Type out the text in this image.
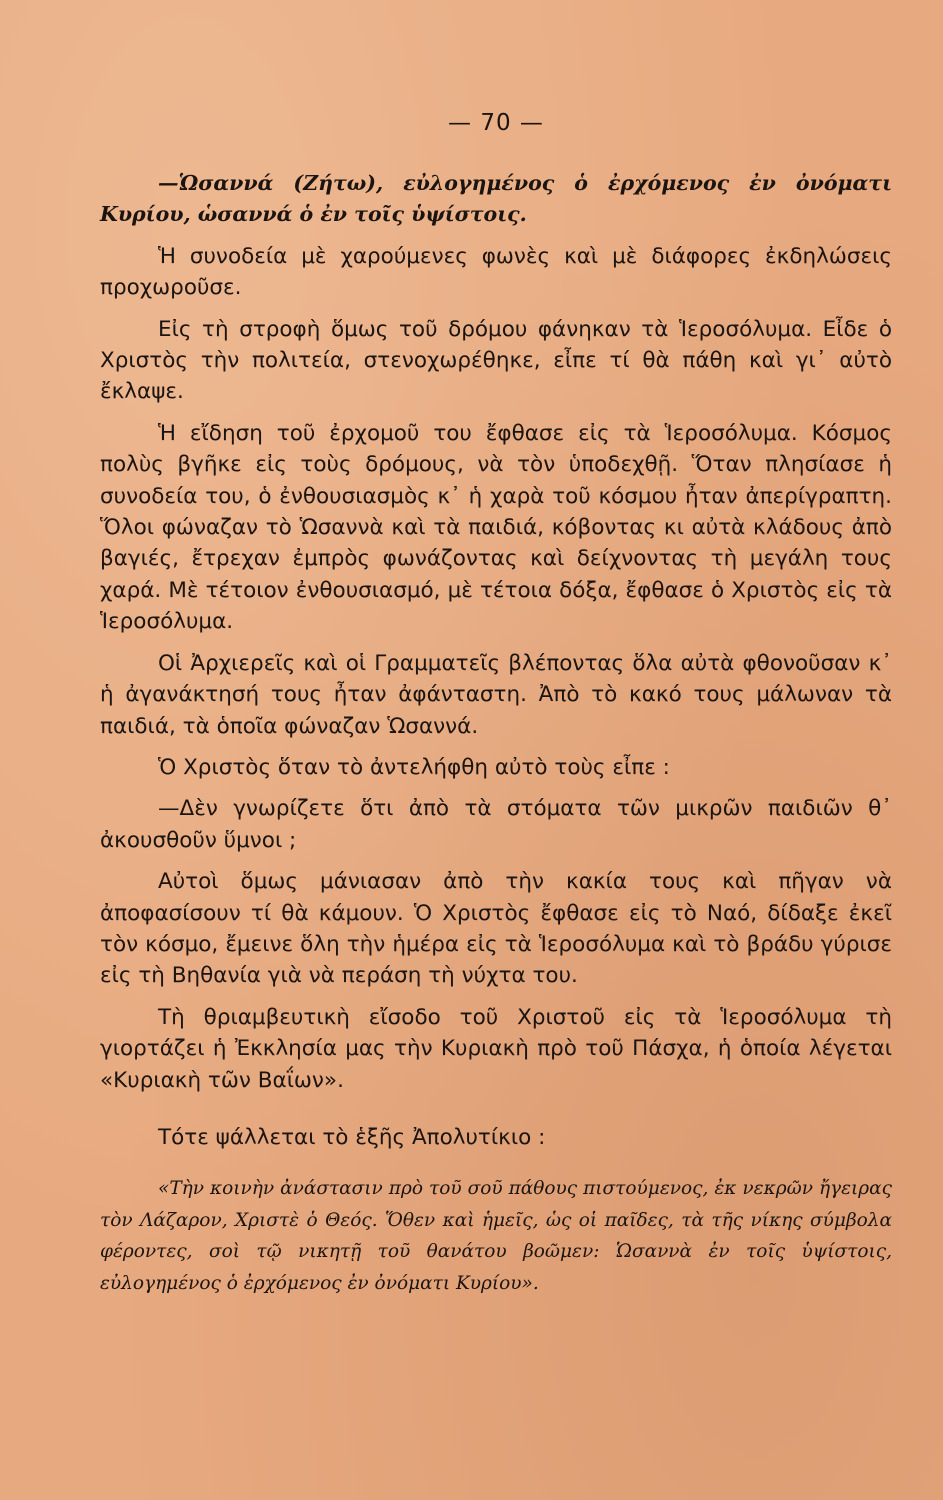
— 70 —

—Ὡσαννά (Ζήτω), εὐλογημένος ὁ ἐρχόμενος ἐν ὀνόματι Κυρίου, ὡσαννά ὁ ἐν τοῖς ὑψίστοις.

Ἡ συνοδεία μὲ χαρούμενες φωνὲς καὶ μὲ διάφορες ἐκδηλώσεις προχωροῦσε.

Εἰς τὴ στροφὴ ὅμως τοῦ δρόμου φάνηκαν τὰ Ἱεροσόλυμα. Εἶδε ὁ Χριστὸς τὴν πολιτεία, στενοχωρέθηκε, εἶπε τί θὰ πάθη καὶ γι᾿ αὐτὸ ἔκλαψε.

Ἡ εἴδηση τοῦ ἐρχομοῦ του ἔφθασε εἰς τὰ Ἱεροσόλυμα. Κόσμος πολὺς βγῆκε εἰς τοὺς δρόμους, νὰ τὸν ὑποδεχθῇ. Ὅταν πλησίασε ἡ συνοδεία του, ὁ ἐνθουσιασμὸς κ᾿ ἡ χαρὰ τοῦ κόσμου ἦταν ἀπερίγραπτη. Ὅλοι φώναζαν τὸ Ὡσαννὰ καὶ τὰ παιδιά, κόβοντας κι αὐτὰ κλάδους ἀπὸ βαγιές, ἔτρεχαν ἐμπρὸς φωνάζοντας καὶ δείχνοντας τὴ μεγάλη τους χαρά. Μὲ τέτοιον ἐνθουσιασμό, μὲ τέτοια δόξα, ἔφθασε ὁ Χριστὸς εἰς τὰ Ἱεροσόλυμα.

Οἱ Ἀρχιερεῖς καὶ οἱ Γραμματεῖς βλέποντας ὅλα αὐτὰ φθονοῦσαν κ᾿ ἡ ἀγανάκτησή τους ἦταν ἀφάνταστη. Ἀπὸ τὸ κακό τους μάλωναν τὰ παιδιά, τὰ ὁποῖα φώναζαν Ὡσαννά.

Ὁ Χριστὸς ὅταν τὸ ἀντελήφθη αὐτὸ τοὺς εἶπε :

—Δὲν γνωρίζετε ὅτι ἀπὸ τὰ στόματα τῶν μικρῶν παιδιῶν θ᾿ ἀκουσθοῦν ὕμνοι ;

Αὐτοὶ ὅμως μάνιασαν ἀπὸ τὴν κακία τους καὶ πῆγαν νὰ ἀποφασίσουν τί θὰ κάμουν. Ὁ Χριστὸς ἔφθασε εἰς τὸ Ναό, δίδαξε ἐκεῖ τὸν κόσμο, ἔμεινε ὅλη τὴν ἡμέρα εἰς τὰ Ἱεροσόλυμα καὶ τὸ βράδυ γύρισε εἰς τὴ Βηθανία γιὰ νὰ περάση τὴ νύχτα του.

Τὴ θριαμβευτικὴ εἴσοδο τοῦ Χριστοῦ εἰς τὰ Ἱεροσόλυμα τὴ γιορτάζει ἡ Ἐκκλησία μας τὴν Κυριακὴ πρὸ τοῦ Πάσχα, ἡ ὁποία λέγεται «Κυριακὴ τῶν Βαΐων».

Τότε ψάλλεται τὸ ἑξῆς Ἀπολυτίκιο :

«Τὴν κοινὴν ἀνάστασιν πρὸ τοῦ σοῦ πάθους πιστούμενος, ἐκ νεκρῶν ἤγειρας τὸν Λάζαρον, Χριστὲ ὁ Θεός. Ὅθεν καὶ ἡμεῖς, ὡς οἱ παῖδες, τὰ τῆς νίκης σύμβολα φέροντες, σοὶ τῷ νικητῇ τοῦ θανάτου βοῶμεν: Ὡσαννὰ ἐν τοῖς ὑψίστοις, εὐλογημένος ὁ ἐρχόμενος ἐν ὀνόματι Κυρίου».
